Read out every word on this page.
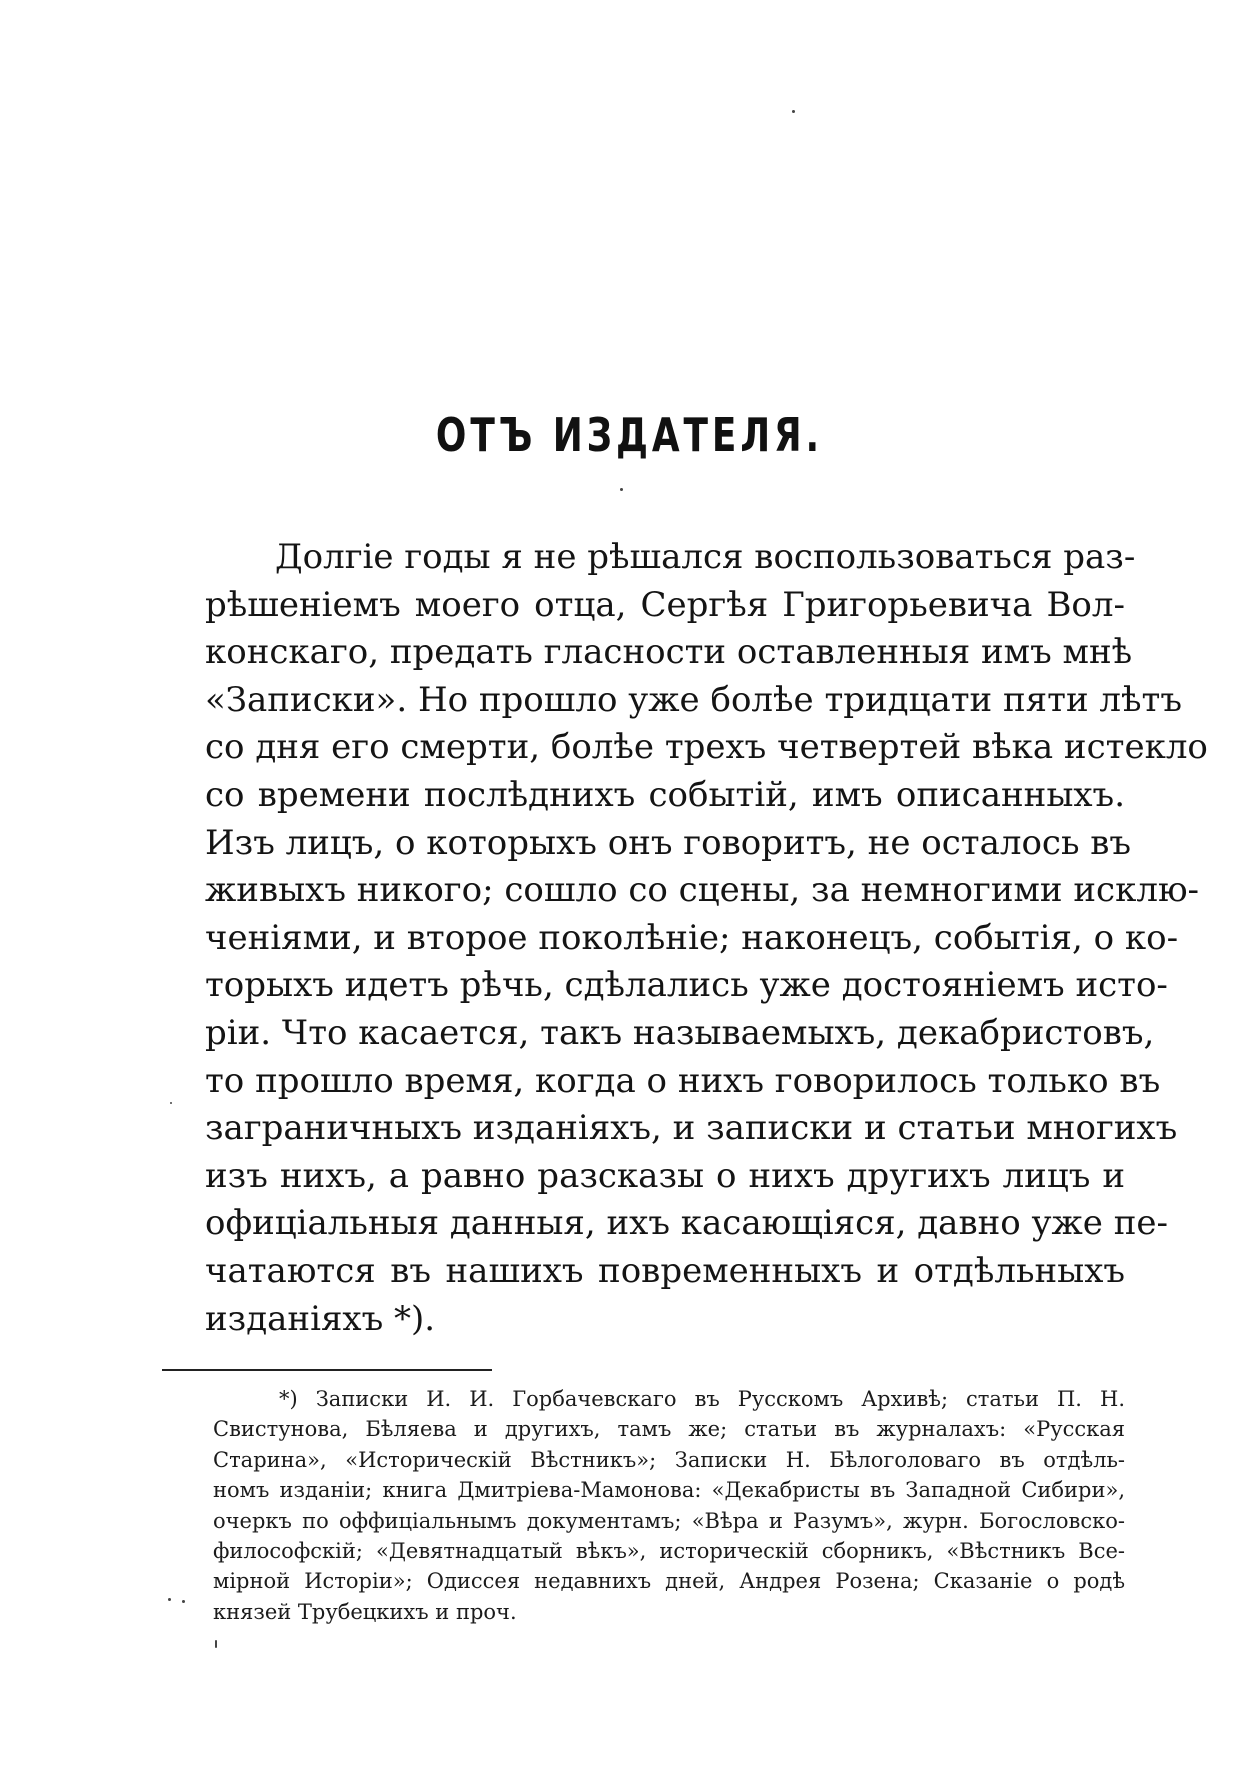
ОТЪ ИЗДАТЕЛЯ.
Долгіе годы я не рѣшался воспользоваться раз-
рѣшеніемъ моего отца, Сергѣя Григорьевича Вол-
конскаго, предать гласности оставленныя имъ мнѣ
«Записки». Но прошло уже болѣе тридцати пяти лѣтъ
со дня его смерти, болѣе трехъ четвертей вѣка истекло
со времени послѣднихъ событій, имъ описанныхъ.
Изъ лицъ, о которыхъ онъ говоритъ, не осталось въ
живыхъ никого; сошло со сцены, за немногими исклю-
ченіями, и второе поколѣніе; наконецъ, событія, о ко-
торыхъ идетъ рѣчь, сдѣлались уже достояніемъ исто-
ріи. Что касается, такъ называемыхъ, декабристовъ,
то прошло время, когда о нихъ говорилось только въ
заграничныхъ изданіяхъ, и записки и статьи многихъ
изъ нихъ, а равно разсказы о нихъ другихъ лицъ и
офиціальныя данныя, ихъ касающіяся, давно уже пе-
чатаются въ нашихъ повременныхъ и отдѣльныхъ
изданіяхъ *).
*) Записки И. И. Горбачевскаго въ Русскомъ Архивѣ; статьи П. Н.
Свистунова, Бѣляева и другихъ, тамъ же; статьи въ журналахъ: «Русская
Старина», «Историческій Вѣстникъ»; Записки Н. Бѣлоголоваго въ отдѣль-
номъ изданіи; книга Дмитріева-Мамонова: «Декабристы въ Западной Сибири»,
очеркъ по оффиціальнымъ документамъ; «Вѣра и Разумъ», журн. Богословско-
философскій; «Девятнадцатый вѣкъ», историческій сборникъ, «Вѣстникъ Все-
мірной Исторіи»; Одиссея недавнихъ дней, Андрея Розена; Сказаніе о родѣ
князей Трубецкихъ и проч.
